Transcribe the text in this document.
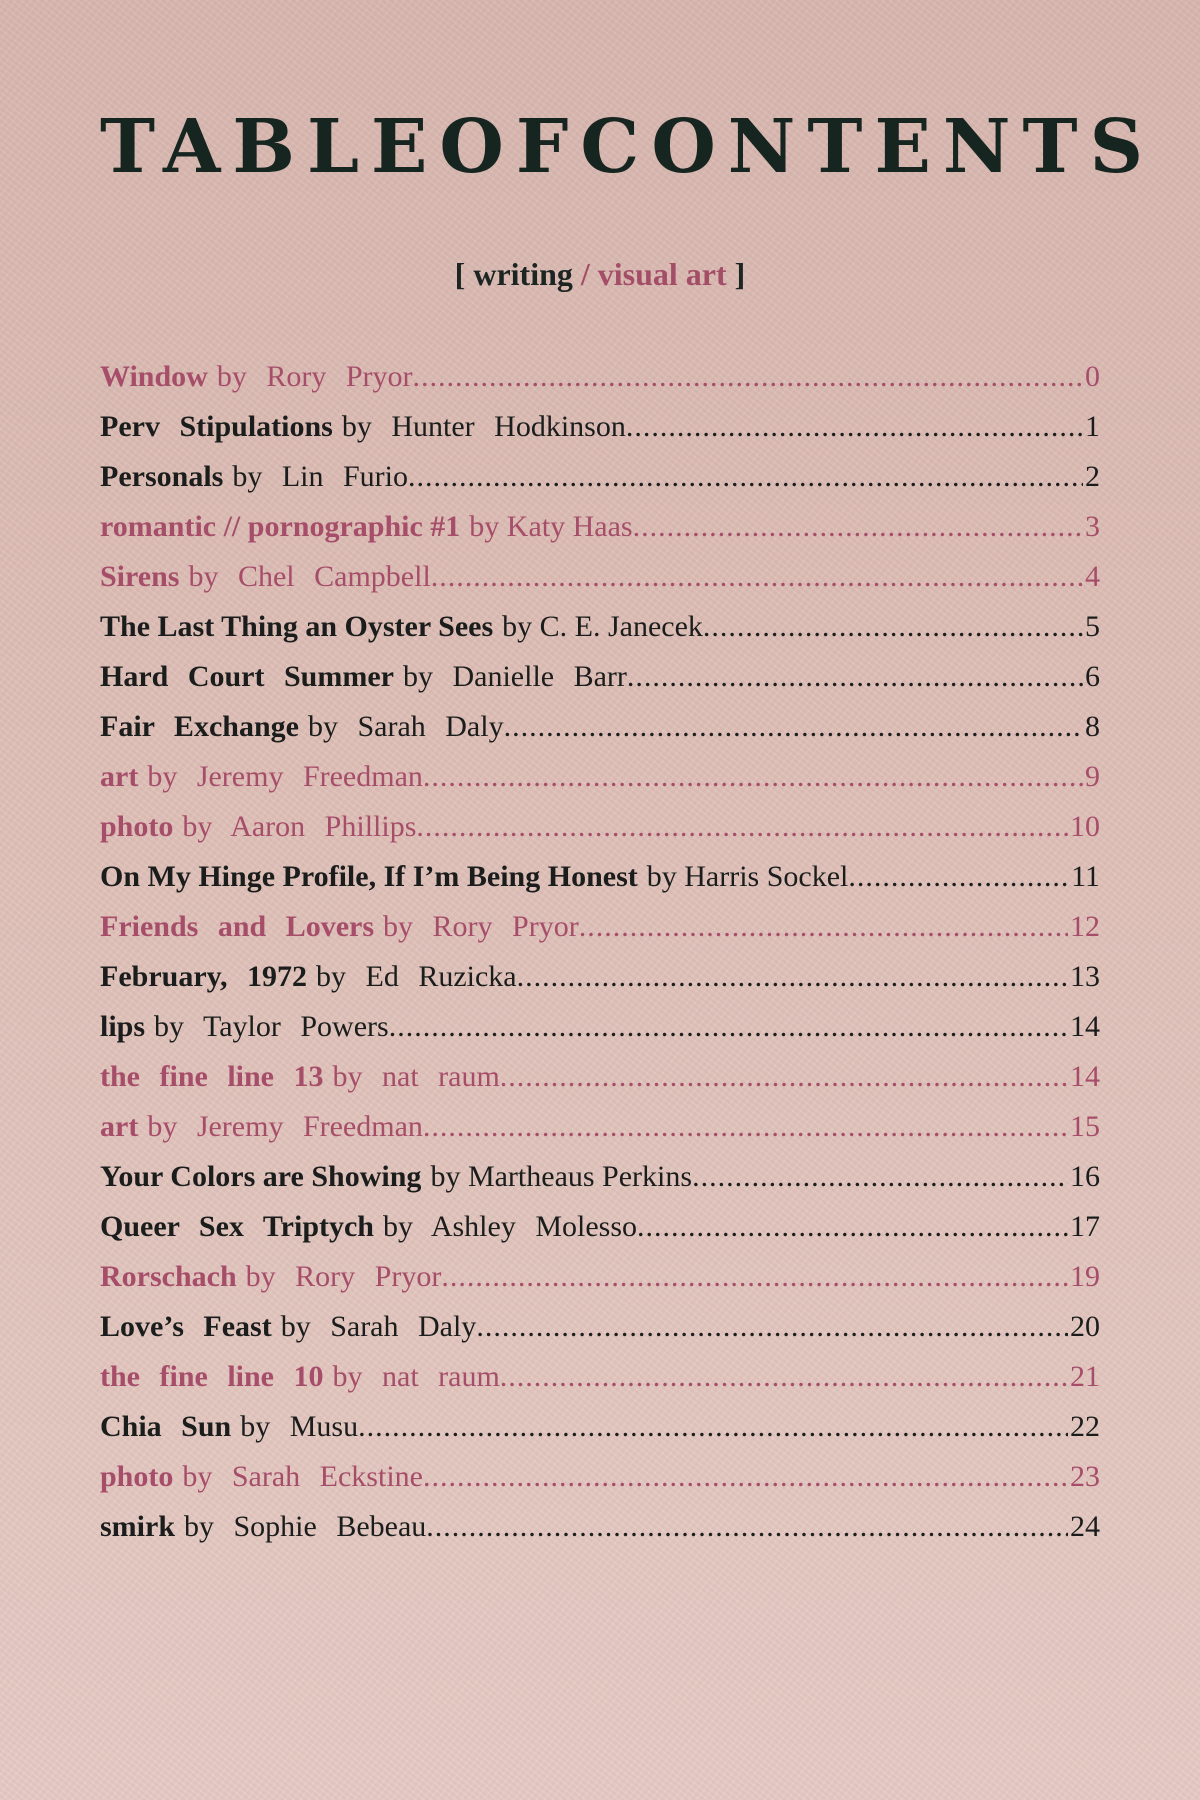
TABLE OF CONTENTS
[ writing / visual art ]
Window by Rory Pryor .....	0
Perv Stipulations by Hunter Hodkinson .....	1
Personals by Lin Furio .....	2
romantic // pornographic #1 by Katy Haas .....	3
Sirens by Chel Campbell .....	4
The Last Thing an Oyster Sees by C. E. Janecek .....	5
Hard Court Summer by Danielle Barr .....	6
Fair Exchange by Sarah Daly .....	8
art by Jeremy Freedman .....	9
photo by Aaron Phillips .....	10
On My Hinge Profile, If I’m Being Honest by Harris Sockel .....	11
Friends and Lovers by Rory Pryor .....	12
February, 1972 by Ed Ruzicka .....	13
lips by Taylor Powers .....	14
the fine line 13 by nat raum .....	14
art by Jeremy Freedman .....	15
Your Colors are Showing by Martheaus Perkins .....	16
Queer Sex Triptych by Ashley Molesso .....	17
Rorschach by Rory Pryor .....	19
Love’s Feast by Sarah Daly .....	20
the fine line 10 by nat raum .....	21
Chia Sun by Musu .....	22
photo by Sarah Eckstine .....	23
smirk by Sophie Bebeau .....	24
